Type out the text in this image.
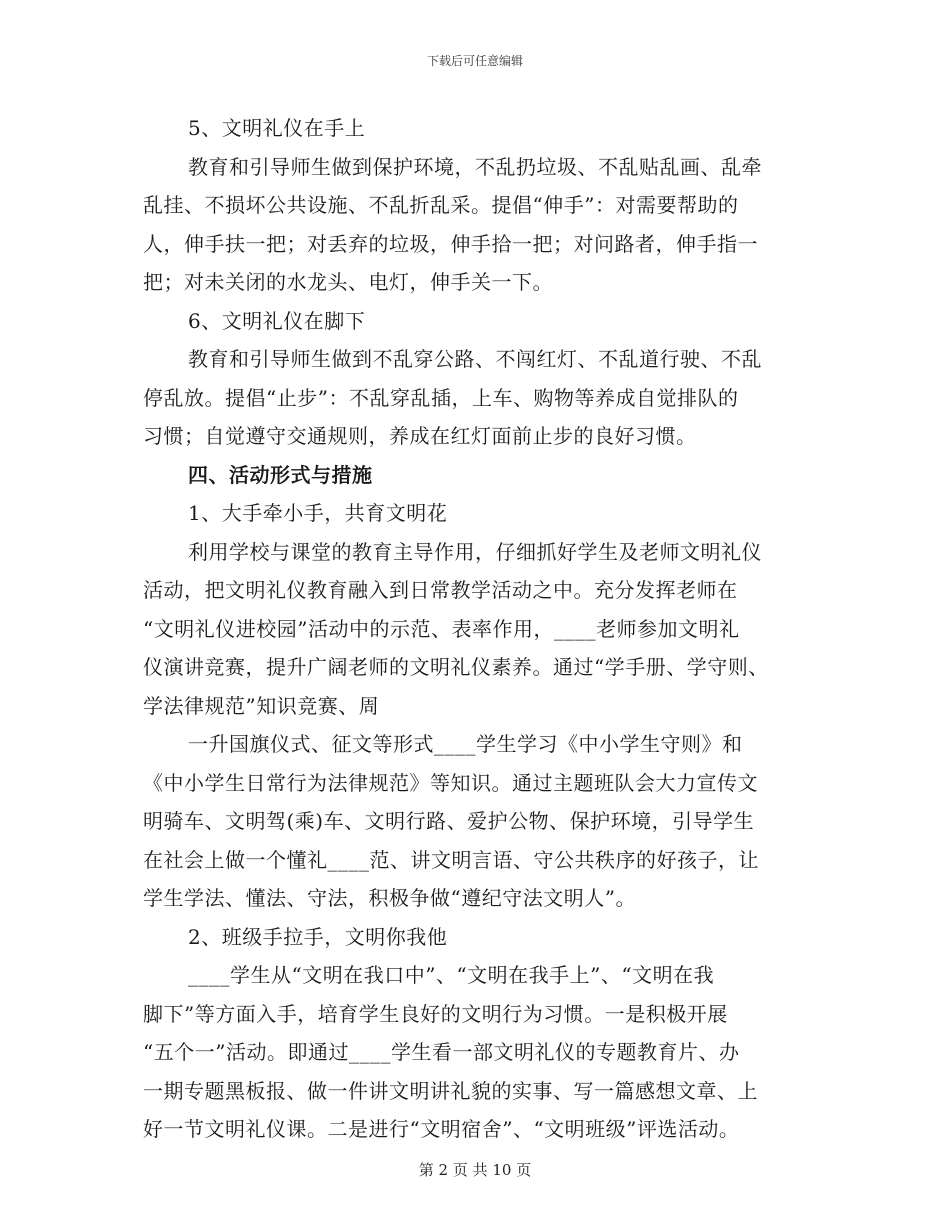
下载后可任意编辑
5、文明礼仪在手上
教育和引导师生做到保护环境，不乱扔垃圾、不乱贴乱画、乱牵
乱挂、不损坏公共设施、不乱折乱采。提倡“伸手”：对需要帮助的
人，伸手扶一把；对丢弃的垃圾，伸手拾一把；对问路者，伸手指一
把；对未关闭的水龙头、电灯，伸手关一下。
6、文明礼仪在脚下
教育和引导师生做到不乱穿公路、不闯红灯、不乱道行驶、不乱
停乱放。提倡“止步”：不乱穿乱插，上车、购物等养成自觉排队的
习惯；自觉遵守交通规则，养成在红灯面前止步的良好习惯。
四、活动形式与措施
1、大手牵小手，共育文明花
利用学校与课堂的教育主导作用，仔细抓好学生及老师文明礼仪
活动，把文明礼仪教育融入到日常教学活动之中。充分发挥老师在
“文明礼仪进校园”活动中的示范、表率作用，____老师参加文明礼
仪演讲竞赛，提升广阔老师的文明礼仪素养。通过“学手册、学守则、
学法律规范”知识竞赛、周
一升国旗仪式、征文等形式____学生学习《中小学生守则》和
《中小学生日常行为法律规范》等知识。通过主题班队会大力宣传文
明骑车、文明驾(乘)车、文明行路、爱护公物、保护环境，引导学生
在社会上做一个懂礼____范、讲文明言语、守公共秩序的好孩子，让
学生学法、懂法、守法，积极争做“遵纪守法文明人”。
2、班级手拉手，文明你我他
____学生从“文明在我口中”、“文明在我手上”、“文明在我
脚下”等方面入手，培育学生良好的文明行为习惯。一是积极开展
“五个一”活动。即通过____学生看一部文明礼仪的专题教育片、办
一期专题黑板报、做一件讲文明讲礼貌的实事、写一篇感想文章、上
好一节文明礼仪课。二是进行“文明宿舍”、“文明班级”评选活动。
第 2 页 共 10 页
